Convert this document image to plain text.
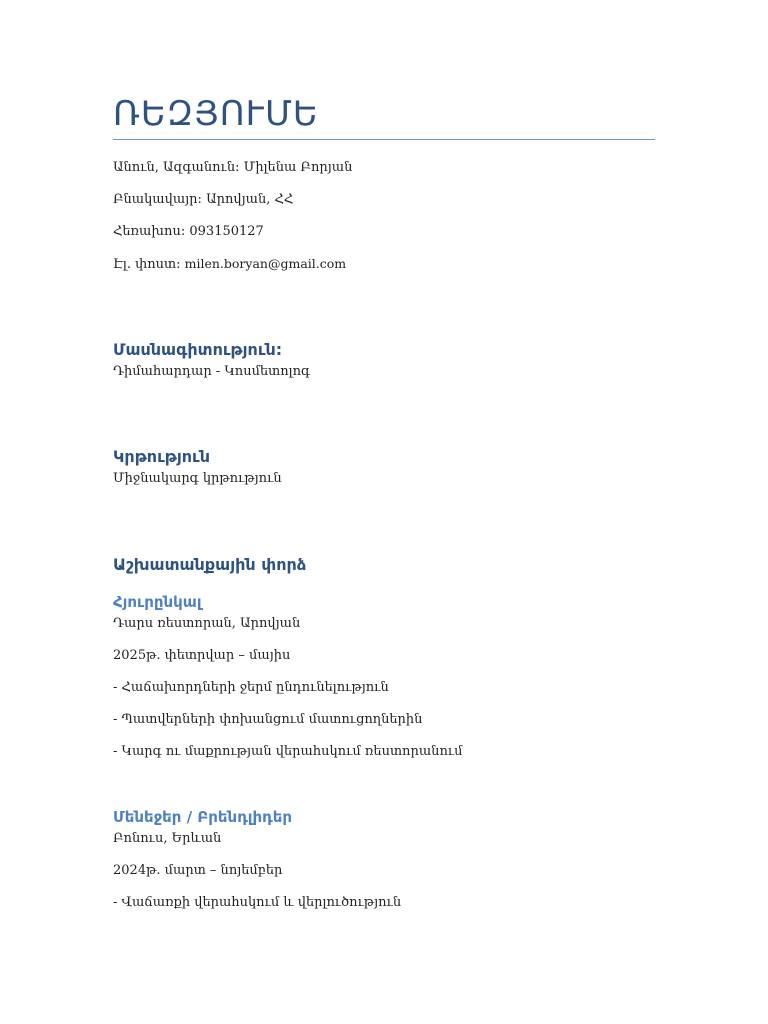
ՌԵԶՅՈՒՄԵ
Անուն, Ազգանուն: Միլենա Բորյան
Բնակավայր: Արովյան, ՀՀ
Հեռախոս: 093150127
Էլ. փոստ: milen.boryan@gmail.com
Մասնագիտություն:
Դիմահարդար - Կոսմետոլոգ
Կրթություն
Միջնակարգ կրթություն
Աշխատանքային փորձ
Հյուրընկալ
Դարս ռեստորան, Արովյան
2025թ. փետրվար – մայիս
- Հաճախորդների ջերմ ընդունելություն
- Պատվերների փոխանցում մատուցողներին
- Կարգ ու մաքրության վերահսկում ռեստորանում
Մենեջեր / Բրենդլիդեր
Բոնուս, Երևան
2024թ. մարտ – նոյեմբեր
- Վաճառքի վերահսկում և վերլուծություն
